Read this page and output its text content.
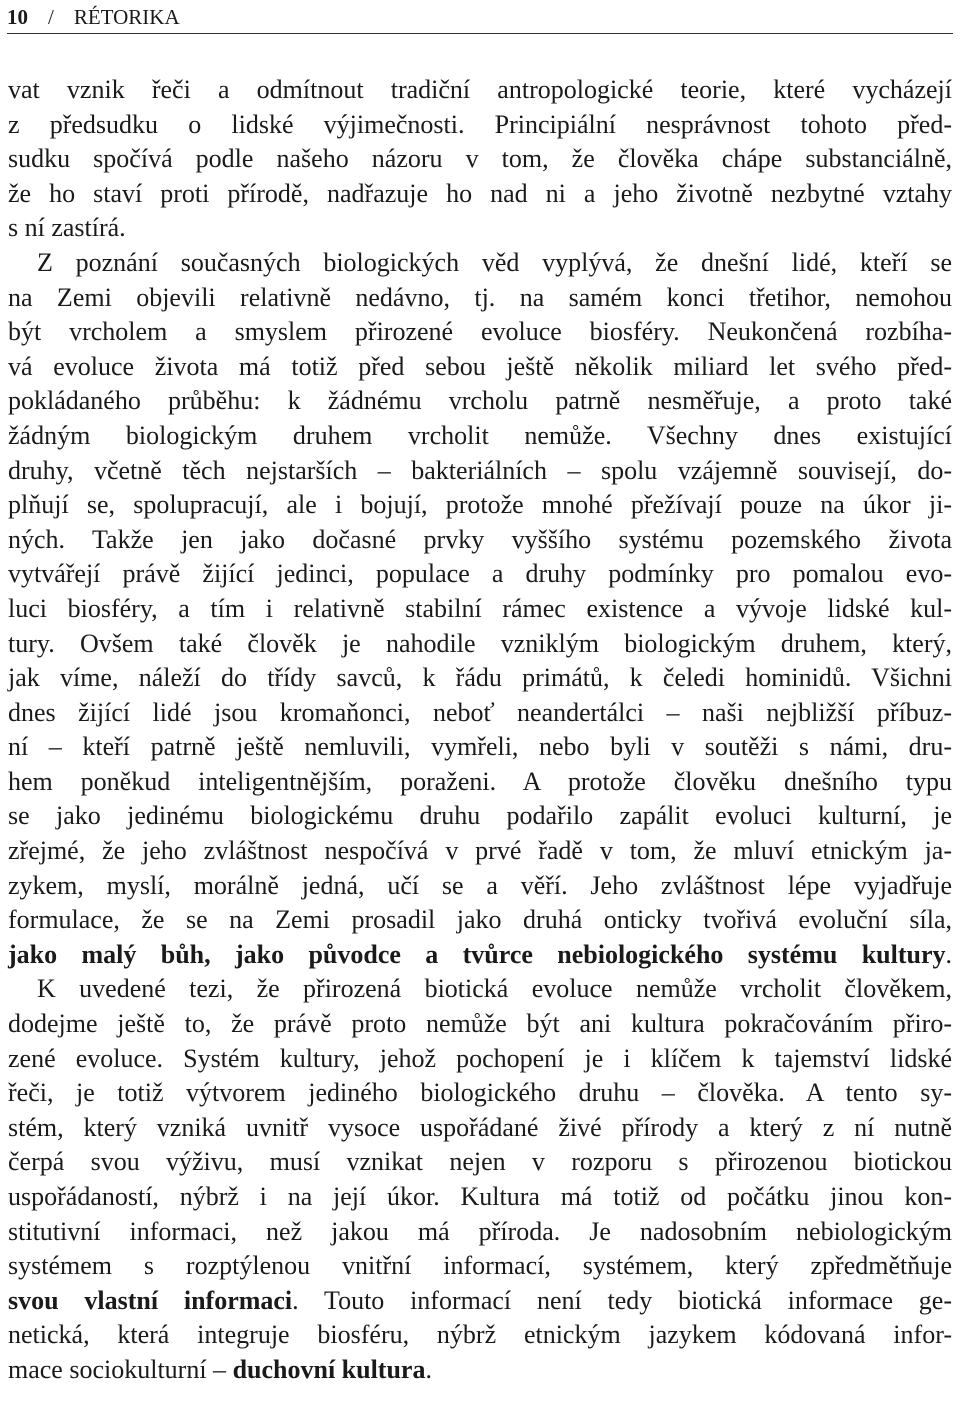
10 / RÉTORIKA
vat vznik řeči a odmítnout tradiční antropologické teorie, které vycházejí
z předsudku o lidské výjimečnosti. Principiální nesprávnost tohoto před-
sudku spočívá podle našeho názoru v tom, že člověka chápe substanciálně,
že ho staví proti přírodě, nadřazuje ho nad ni a jeho životně nezbytné vztahy
s ní zastírá.
Z poznání současných biologických věd vyplývá, že dnešní lidé, kteří se
na Zemi objevili relativně nedávno, tj. na samém konci třetihor, nemohou
být vrcholem a smyslem přirozené evoluce biosféry. Neukončená rozbíha-
vá evoluce života má totiž před sebou ještě několik miliard let svého před-
pokládaného průběhu: k žádnému vrcholu patrně nesměřuje, a proto také
žádným biologickým druhem vrcholit nemůže. Všechny dnes existující
druhy, včetně těch nejstarších – bakteriálních – spolu vzájemně souvisejí, do-
plňují se, spolupracují, ale i bojují, protože mnohé přežívají pouze na úkor ji-
ných. Takže jen jako dočasné prvky vyššího systému pozemského života
vytvářejí právě žijící jedinci, populace a druhy podmínky pro pomalou evo-
luci biosféry, a tím i relativně stabilní rámec existence a vývoje lidské kul-
tury. Ovšem také člověk je nahodile vzniklým biologickým druhem, který,
jak víme, náleží do třídy savců, k řádu primátů, k čeledi hominidů. Všichni
dnes žijící lidé jsou kromaňonci, neboť neandertálci – naši nejbližší příbuz-
ní – kteří patrně ještě nemluvili, vymřeli, nebo byli v soutěži s námi, dru-
hem poněkud inteligentnějším, poraženi. A protože člověku dnešního typu
se jako jedinému biologickému druhu podařilo zapálit evoluci kulturní, je
zřejmé, že jeho zvláštnost nespočívá v prvé řadě v tom, že mluví etnickým ja-
zykem, myslí, morálně jedná, učí se a věří. Jeho zvláštnost lépe vyjadřuje
formulace, že se na Zemi prosadil jako druhá onticky tvořivá evoluční síla,
jako malý bůh, jako původce a tvůrce nebiologického systému kultury.
K uvedené tezi, že přirozená biotická evoluce nemůže vrcholit člověkem,
dodejme ještě to, že právě proto nemůže být ani kultura pokračováním přiro-
zené evoluce. Systém kultury, jehož pochopení je i klíčem k tajemství lidské
řeči, je totiž výtvorem jediného biologického druhu – člověka. A tento sy-
stém, který vzniká uvnitř vysoce uspořádané živé přírody a který z ní nutně
čerpá svou výživu, musí vznikat nejen v rozporu s přirozenou biotickou
uspořádaností, nýbrž i na její úkor. Kultura má totiž od počátku jinou kon-
stitutivní informaci, než jakou má příroda. Je nadosobním nebiologickým
systémem s rozptýlenou vnitřní informací, systémem, který zpředmětňuje
svou vlastní informaci. Touto informací není tedy biotická informace ge-
netická, která integruje biosféru, nýbrž etnickým jazykem kódovaná infor-
mace sociokulturní – duchovní kultura.
